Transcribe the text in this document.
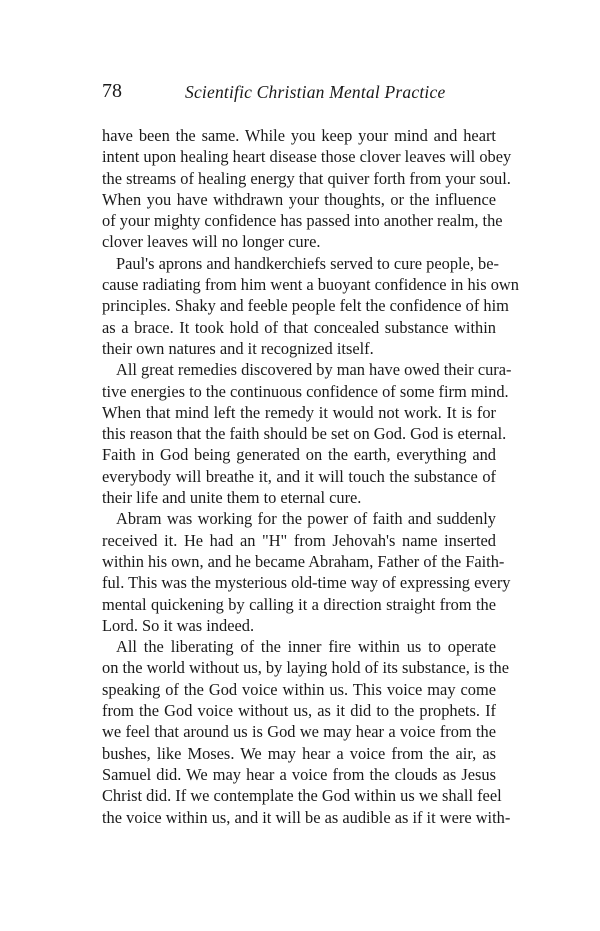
78	Scientific Christian Mental Practice
have been the same. While you keep your mind and heart
intent upon healing heart disease those clover leaves will obey
the streams of healing energy that quiver forth from your soul.
When you have withdrawn your thoughts, or the influence
of your mighty confidence has passed into another realm, the
clover leaves will no longer cure.
Paul's aprons and handkerchiefs served to cure people, be-
cause radiating from him went a buoyant confidence in his own
principles. Shaky and feeble people felt the confidence of him
as a brace. It took hold of that concealed substance within
their own natures and it recognized itself.
All great remedies discovered by man have owed their cura-
tive energies to the continuous confidence of some firm mind.
When that mind left the remedy it would not work. It is for
this reason that the faith should be set on God. God is eternal.
Faith in God being generated on the earth, everything and
everybody will breathe it, and it will touch the substance of
their life and unite them to eternal cure.
Abram was working for the power of faith and suddenly
received it. He had an "H" from Jehovah's name inserted
within his own, and he became Abraham, Father of the Faith-
ful. This was the mysterious old-time way of expressing every
mental quickening by calling it a direction straight from the
Lord. So it was indeed.
All the liberating of the inner fire within us to operate
on the world without us, by laying hold of its substance, is the
speaking of the God voice within us. This voice may come
from the God voice without us, as it did to the prophets. If
we feel that around us is God we may hear a voice from the
bushes, like Moses. We may hear a voice from the air, as
Samuel did. We may hear a voice from the clouds as Jesus
Christ did. If we contemplate the God within us we shall feel
the voice within us, and it will be as audible as if it were with-
